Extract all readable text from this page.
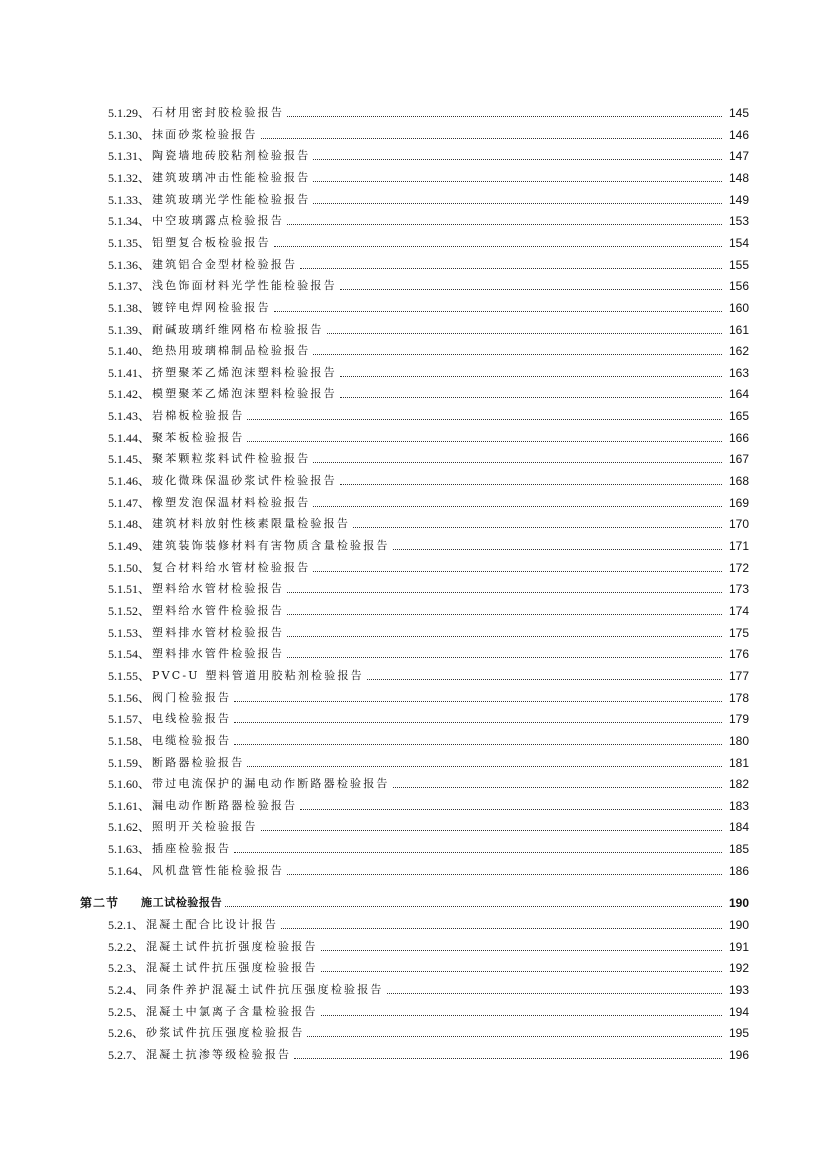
5.1.29、 石材用密封胶检验报告	145
5.1.30、 抹面砂浆检验报告	146
5.1.31、 陶瓷墙地砖胶粘剂检验报告	147
5.1.32、 建筑玻璃冲击性能检验报告	148
5.1.33、 建筑玻璃光学性能检验报告	149
5.1.34、 中空玻璃露点检验报告	153
5.1.35、 铝塑复合板检验报告	154
5.1.36、 建筑铝合金型材检验报告	155
5.1.37、 浅色饰面材料光学性能检验报告	156
5.1.38、 镀锌电焊网检验报告	160
5.1.39、 耐碱玻璃纤维网格布检验报告	161
5.1.40、 绝热用玻璃棉制品检验报告	162
5.1.41、 挤塑聚苯乙烯泡沫塑料检验报告	163
5.1.42、 模塑聚苯乙烯泡沫塑料检验报告	164
5.1.43、 岩棉板检验报告	165
5.1.44、 聚苯板检验报告	166
5.1.45、 聚苯颗粒浆料试件检验报告	167
5.1.46、 玻化微珠保温砂浆试件检验报告	168
5.1.47、 橡塑发泡保温材料检验报告	169
5.1.48、 建筑材料放射性核素限量检验报告	170
5.1.49、 建筑装饰装修材料有害物质含量检验报告	171
5.1.50、 复合材料给水管材检验报告	172
5.1.51、 塑料给水管材检验报告	173
5.1.52、 塑料给水管件检验报告	174
5.1.53、 塑料排水管材检验报告	175
5.1.54、 塑料排水管件检验报告	176
5.1.55、 PVC-U 塑料管道用胶粘剂检验报告	177
5.1.56、 阀门检验报告	178
5.1.57、 电线检验报告	179
5.1.58、 电缆检验报告	180
5.1.59、 断路器检验报告	181
5.1.60、 带过电流保护的漏电动作断路器检验报告	182
5.1.61、 漏电动作断路器检验报告	183
5.1.62、 照明开关检验报告	184
5.1.63、 插座检验报告	185
5.1.64、 风机盘管性能检验报告	186
第二节	施工试检验报告	190
5.2.1、 混凝土配合比设计报告	190
5.2.2、 混凝土试件抗折强度检验报告	191
5.2.3、 混凝土试件抗压强度检验报告	192
5.2.4、 同条件养护混凝土试件抗压强度检验报告	193
5.2.5、 混凝土中氯离子含量检验报告	194
5.2.6、 砂浆试件抗压强度检验报告	195
5.2.7、 混凝土抗渗等级检验报告	196
